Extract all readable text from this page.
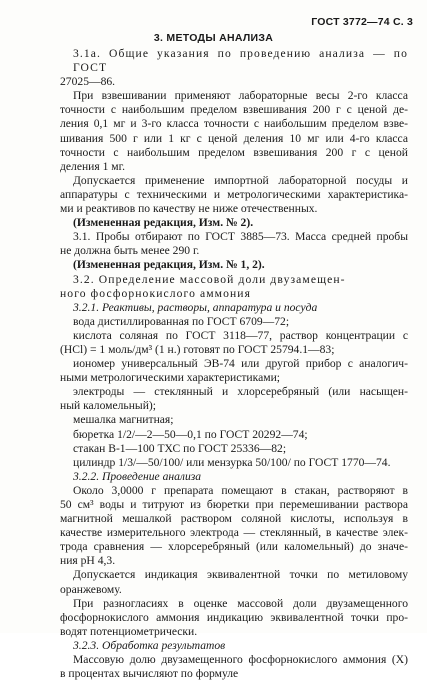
ГОСТ 3772—74 С. 3
3. МЕТОДЫ АНАЛИЗА
3.1а. Общие указания по проведению анализа — по ГОСТ
27025—86.
При взвешивании применяют лабораторные весы 2-го класса
точности с наибольшим пределом взвешивания 200 г с ценой де-
ления 0,1 мг и 3-го класса точности с наибольшим пределом взве-
шивания 500 г или 1 кг с ценой деления 10 мг или 4-го класса
точности с наибольшим пределом взвешивания 200 г с ценой
деления 1 мг.
Допускается применение импортной лабораторной посуды и
аппаратуры с техническими и метрологическими характеристика-
ми и реактивов по качеству не ниже отечественных.
(Измененная редакция, Изм. № 2).
3.1. Пробы отбирают по ГОСТ 3885—73. Масса средней пробы
не должна быть менее 290 г.
(Измененная редакция, Изм. № 1, 2).
3.2. Определение массовой доли двузамещен-
ного фосфорнокислого аммония
3.2.1. Реактивы, растворы, аппаратура и посуда
вода дистиллированная по ГОСТ 6709—72;
кислота соляная по ГОСТ 3118—77, раствор концентрации с
(HCl) = 1 моль/дм³ (1 н.) готовят по ГОСТ 25794.1—83;
иономер универсальный ЭВ-74 или другой прибор с аналогич-
ными метрологическими характеристиками;
электроды — стеклянный и хлорсеребряный (или насыщен-
ный каломельный);
мешалка магнитная;
бюретка 1/2/—2—50—0,1 по ГОСТ 20292—74;
стакан В-1—100 ТХС по ГОСТ 25336—82;
цилиндр 1/3/—50/100/ или мензурка 50/100/ по ГОСТ 1770—74.
3.2.2. Проведение анализа
Около 3,0000 г препарата помещают в стакан, растворяют в
50 см³ воды и титруют из бюретки при перемешивании раствора
магнитной мешалкой раствором соляной кислоты, используя в
качестве измерительного электрода — стеклянный, в качестве элек-
трода сравнения — хлорсеребряный (или каломельный) до значе-
ния pH 4,3.
Допускается индикация эквивалентной точки по метиловому
оранжевому.
При разногласиях в оценке массовой доли двузамещенного
фосфорнокислого аммония индикацию эквивалентной точки про-
водят потенциометрически.
3.2.3. Обработка результатов
Массовую долю двузамещенного фосфорнокислого аммония (X)
в процентах вычисляют по формуле
